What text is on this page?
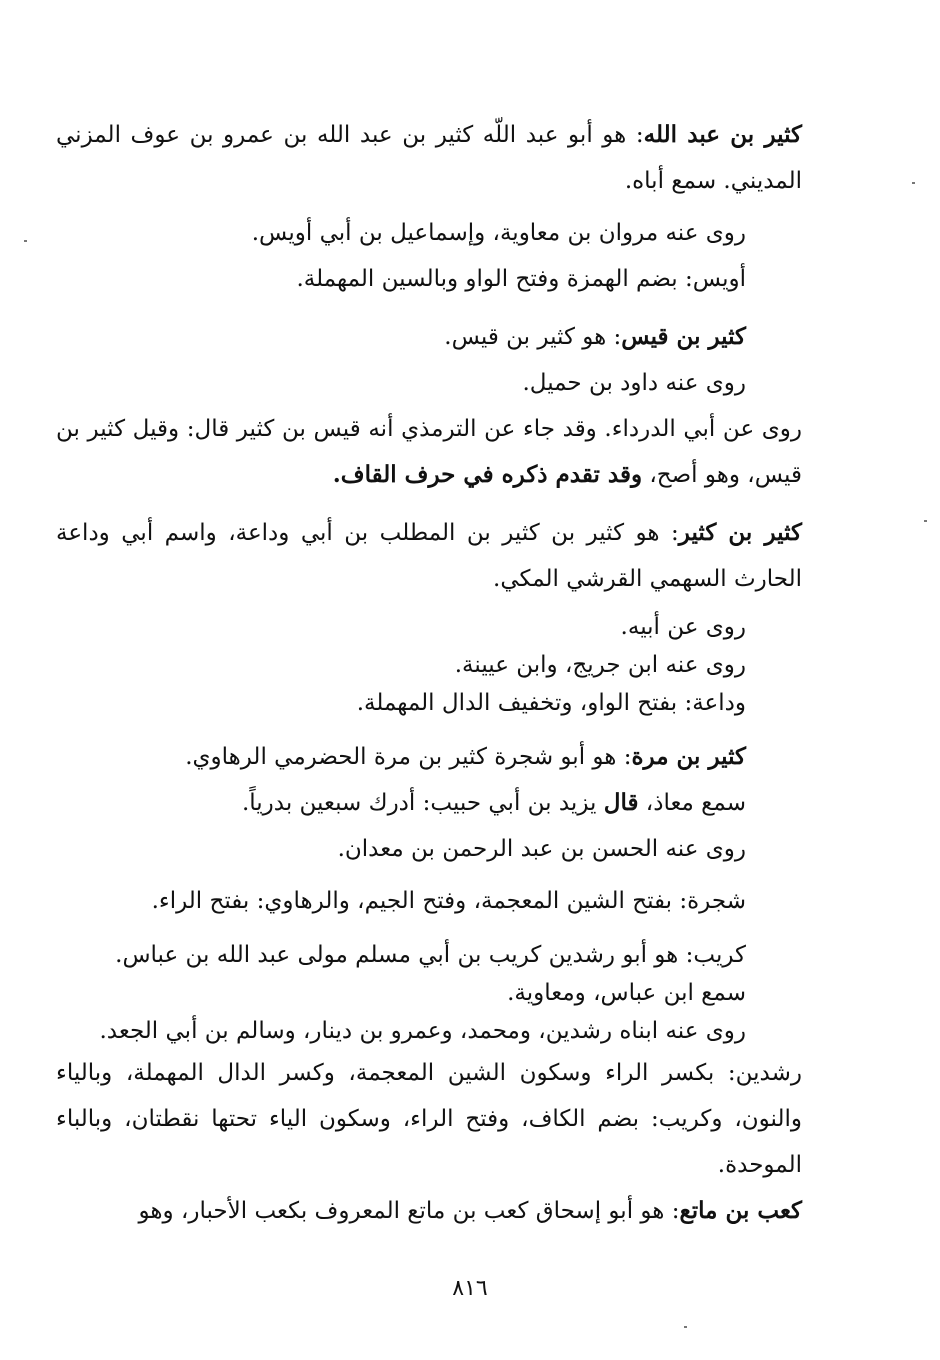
كثير بن عبد الله: هو أبو عبد اللّه كثير بن عبد الله بن عمرو بن عوف المزني المديني. سمع أباه.

روى عنه مروان بن معاوية، وإسماعيل بن أبي أويس.

أويس: بضم الهمزة وفتح الواو وبالسين المهملة.

كثير بن قيس: هو كثير بن قيس.

روى عنه داود بن حميل.

روى عن أبي الدرداء. وقد جاء عن الترمذي أنه قيس بن كثير قال: وقيل كثير بن قيس، وهو أصح، وقد تقدم ذكره في حرف القاف.

كثير بن كثير: هو كثير بن كثير بن المطلب بن أبي وداعة، واسم أبي وداعة الحارث السهمي القرشي المكي.

روى عن أبيه.

روى عنه ابن جريج، وابن عيينة.

وداعة: بفتح الواو، وتخفيف الدال المهملة.

كثير بن مرة: هو أبو شجرة كثير بن مرة الحضرمي الرهاوي.

سمع معاذ، قال يزيد بن أبي حبيب: أدرك سبعين بدرياً.

روى عنه الحسن بن عبد الرحمن بن معدان.

شجرة: بفتح الشين المعجمة، وفتح الجيم، والرهاوي: بفتح الراء.

كريب: هو أبو رشدين كريب بن أبي مسلم مولى عبد الله بن عباس.

سمع ابن عباس، ومعاوية.

روى عنه ابناه رشدين، ومحمد، وعمرو بن دينار، وسالم بن أبي الجعد.

رشدين: بكسر الراء وسكون الشين المعجمة، وكسر الدال المهملة، وبالياء والنون، وكريب: بضم الكاف، وفتح الراء، وسكون الياء تحتها نقطتان، وبالباء الموحدة.

كعب بن ماتع: هو أبو إسحاق كعب بن ماتع المعروف بكعب الأحبار، وهو

٨١٦
